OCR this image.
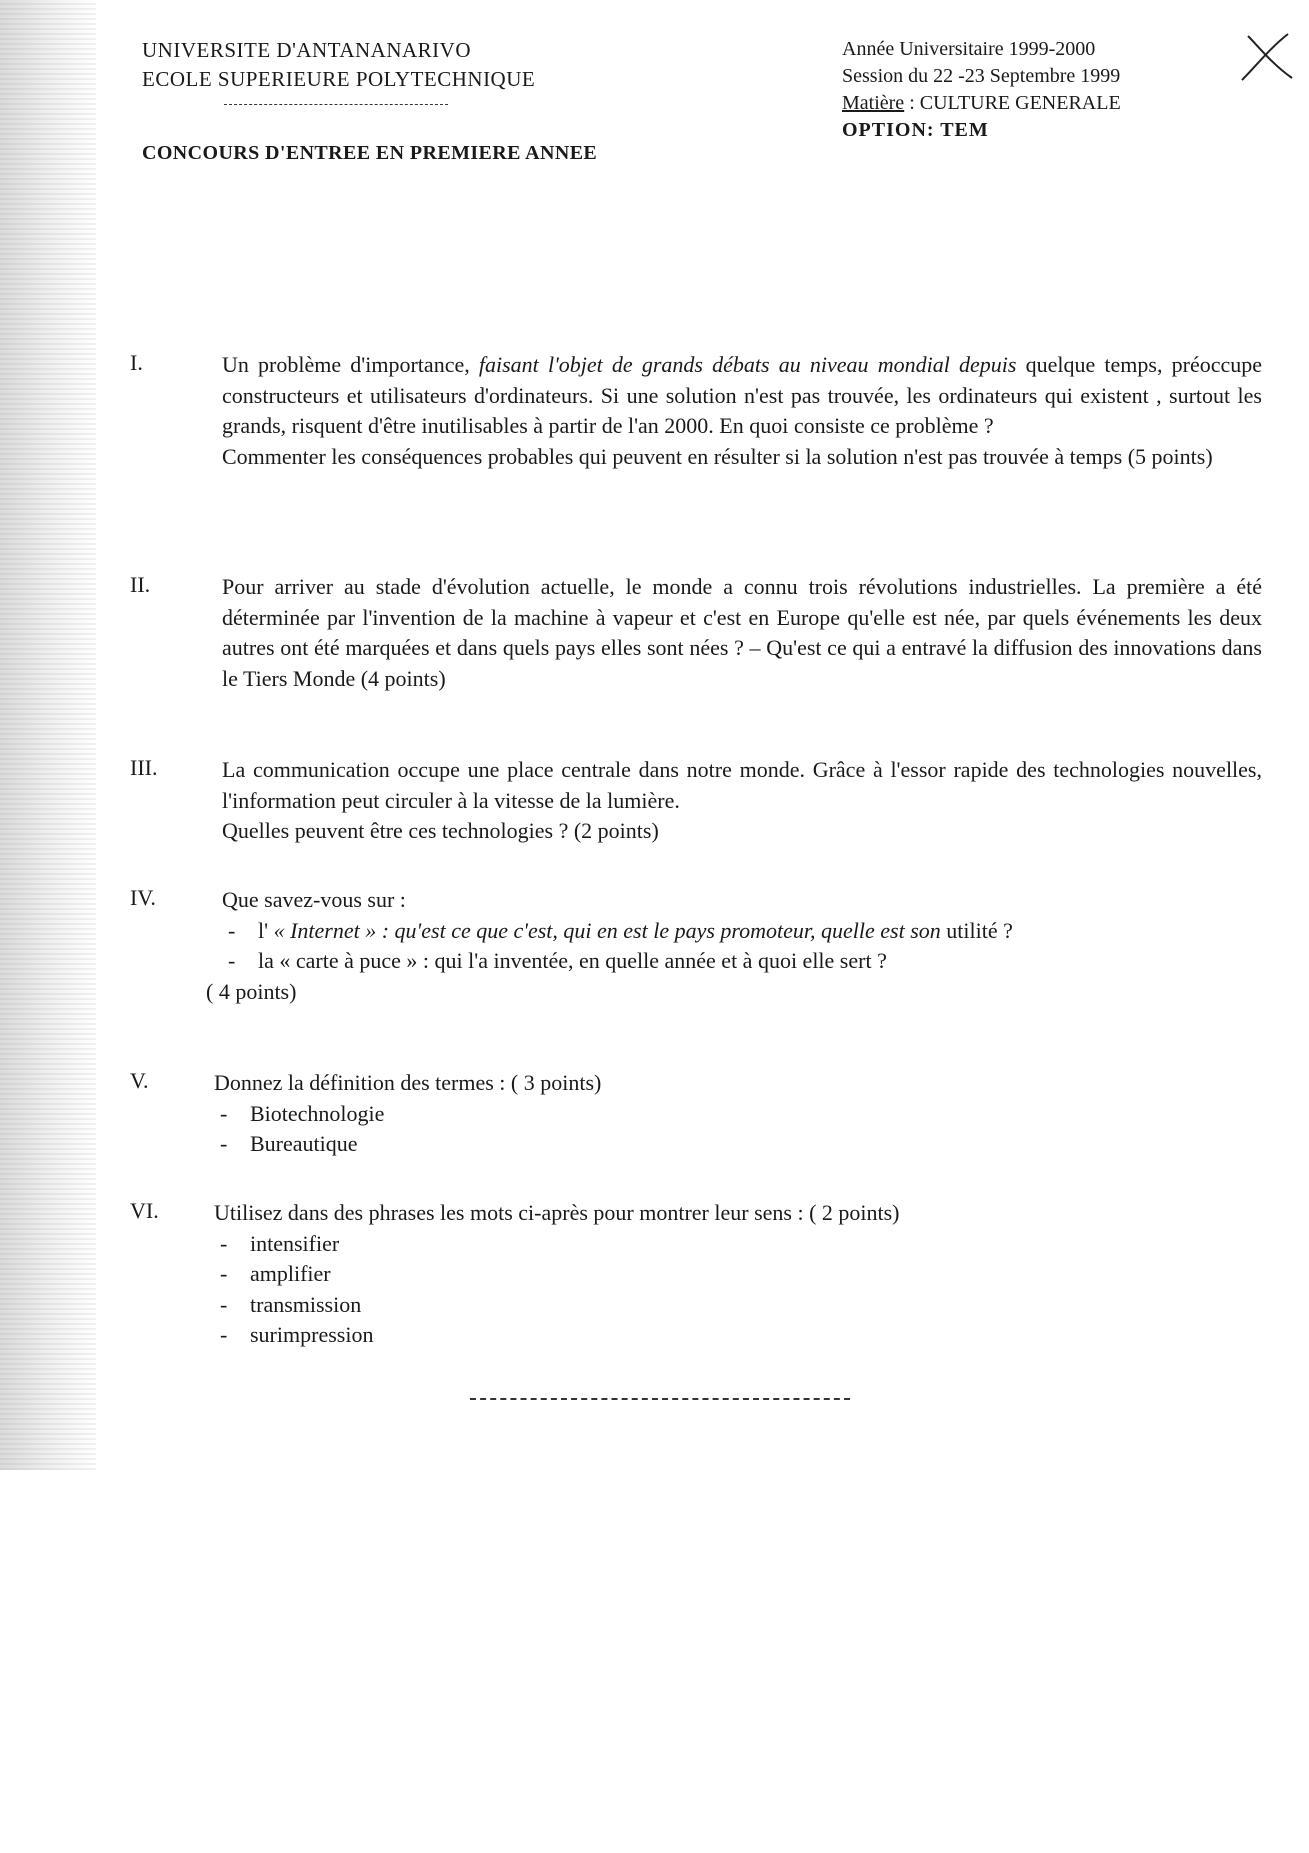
UNIVERSITE D'ANTANANARIVO
ECOLE SUPERIEURE POLYTECHNIQUE
CONCOURS D'ENTREE EN PREMIERE ANNEE
Année Universitaire 1999-2000
Session du 22 -23 Septembre 1999
Matière : CULTURE GENERALE
OPTION: TEM
I.	Un problème d'importance, faisant l'objet de grands débats au niveau mondial depuis quelque temps, préoccupe constructeurs et utilisateurs d'ordinateurs. Si une solution n'est pas trouvée, les ordinateurs qui existent , surtout les grands, risquent d'être inutilisables à partir de l'an 2000. En quoi consiste ce problème ?

Commenter les conséquences probables qui peuvent en résulter si la solution n'est pas trouvée à temps (5 points)

II.	Pour arriver au stade d'évolution actuelle, le monde a connu trois révolutions industrielles. La première a été déterminée par l'invention de la machine à vapeur et c'est en Europe qu'elle est née, par quels événements les deux autres ont été marquées et dans quels pays elles sont nées ? – Qu'est ce qui a entravé la diffusion des innovations dans le Tiers Monde (4 points)

III.	La communication occupe une place centrale dans notre monde. Grâce à l'essor rapide des technologies nouvelles, l'information peut circuler à la vitesse de la lumière.

Quelles peuvent être ces technologies ? (2 points)

IV.	Que savez-vous sur :

- l' « Internet » : qu'est ce que c'est, qui en est le pays promoteur, quelle est son utilité ?
- la « carte à puce » : qui l'a inventée, en quelle année et à quoi elle sert ?

( 4 points)

V.	Donnez la définition des termes : ( 3 points)

- Biotechnologie
- Bureautique
VI.	Utilisez dans des phrases les mots ci-après pour montrer leur sens : ( 2 points)

- intensifier
- amplifier
- transmission
- surimpression
